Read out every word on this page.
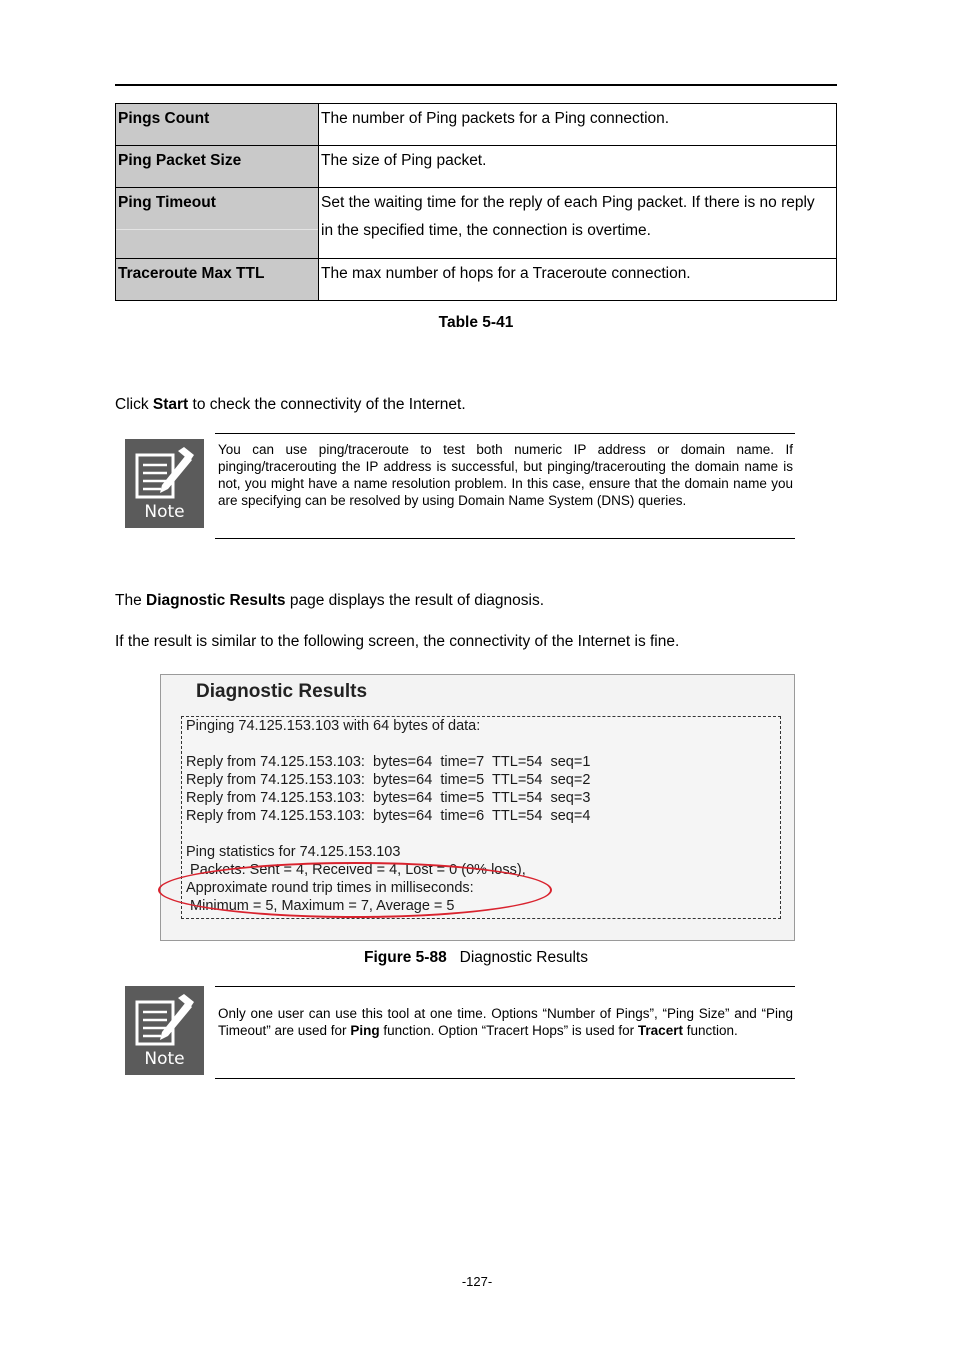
Pings Count	The number of Ping packets for a Ping connection.
Ping Packet Size	The size of Ping packet.
Ping Timeout	Set the waiting time for the reply of each Ping packet. If there is no reply
in the specified time, the connection is overtime.
Traceroute Max TTL	The max number of hops for a Traceroute connection.
Table 5-41
Click Start to check the connectivity of the Internet.
Note
You can use ping/traceroute to test both numeric IP address or domain name. If pinging/tracerouting the IP address is successful, but pinging/tracerouting the domain name is not, you might have a name resolution problem. In this case, ensure that the domain name you are specifying can be resolved by using Domain Name System (DNS) queries.
The Diagnostic Results page displays the result of diagnosis.
If the result is similar to the following screen, the connectivity of the Internet is fine.
Diagnostic Results
Pinging 74.125.153.103 with 64 bytes of data:
Reply from 74.125.153.103:  bytes=64  time=7  TTL=54  seq=1
Reply from 74.125.153.103:  bytes=64  time=5  TTL=54  seq=2
Reply from 74.125.153.103:  bytes=64  time=5  TTL=54  seq=3
Reply from 74.125.153.103:  bytes=64  time=6  TTL=54  seq=4
Ping statistics for 74.125.153.103
Packets: Sent = 4, Received = 4, Lost = 0 (0% loss),
Approximate round trip times in milliseconds:
Minimum = 5, Maximum = 7, Average = 5
Figure 5-88 Diagnostic Results
Note
Only one user can use this tool at one time. Options “Number of Pings”, “Ping Size” and “Ping Timeout” are used for Ping function. Option “Tracert Hops” is used for Tracert function.
-127-
